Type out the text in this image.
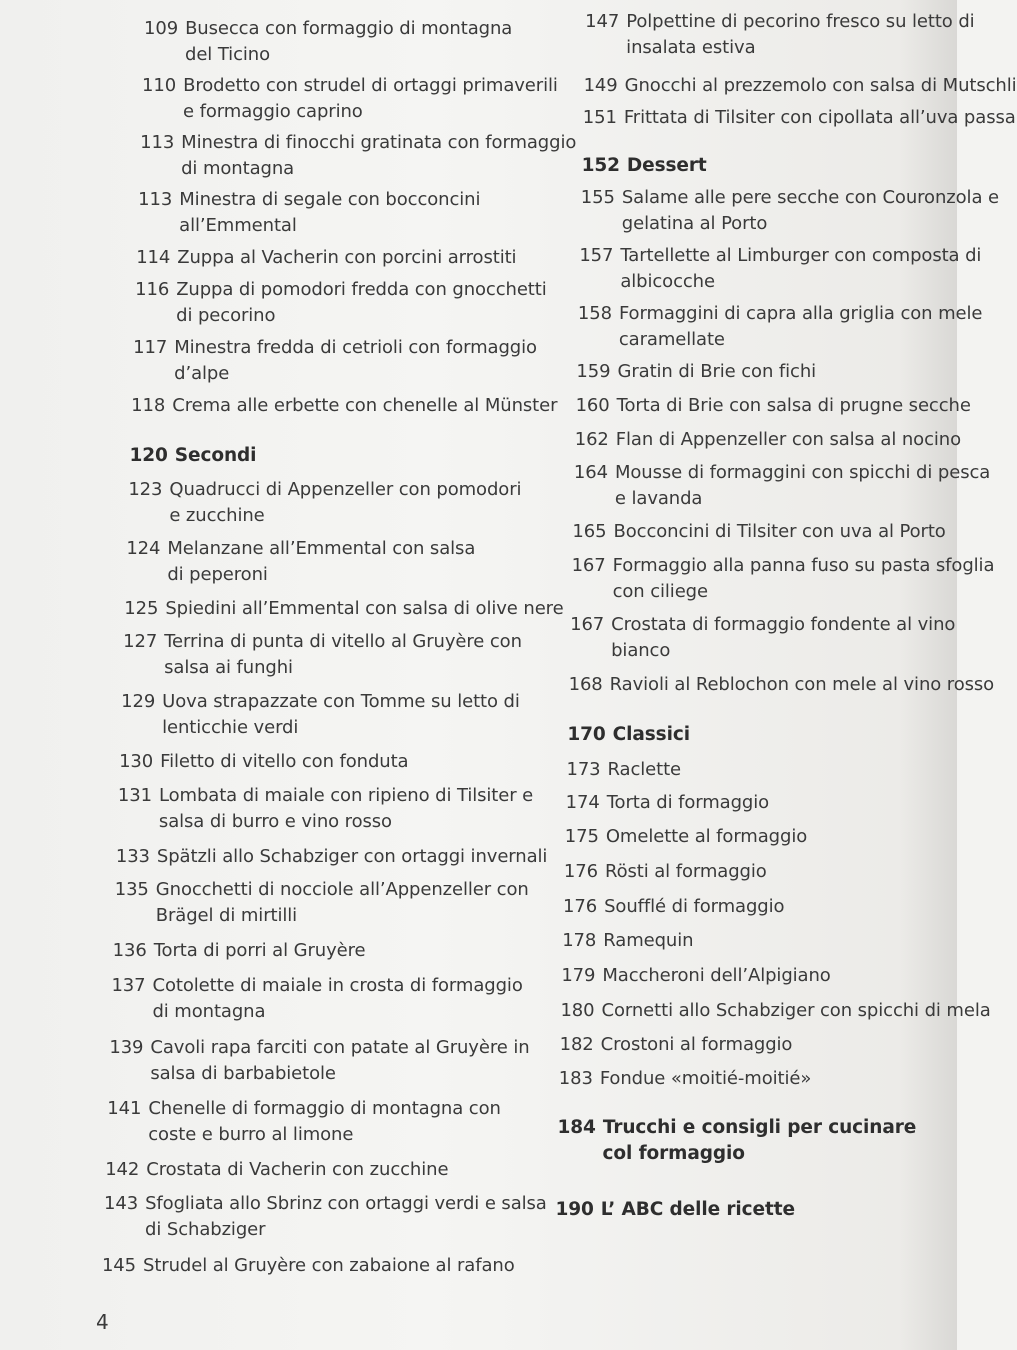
109 Busecca con formaggio di montagna
del Ticino
110 Brodetto con strudel di ortaggi primaverili
e formaggio caprino
113 Minestra di finocchi gratinata con formaggio
di montagna
113 Minestra di segale con bocconcini
all’Emmental
114 Zuppa al Vacherin con porcini arrostiti
116 Zuppa di pomodori fredda con gnocchetti
di pecorino
117 Minestra fredda di cetrioli con formaggio
d’alpe
118 Crema alle erbette con chenelle al Münster
120 Secondi
123 Quadrucci di Appenzeller con pomodori
e zucchine
124 Melanzane all’Emmental con salsa
di peperoni
125 Spiedini all’Emmental con salsa di olive nere
127 Terrina di punta di vitello al Gruyère con
salsa ai funghi
129 Uova strapazzate con Tomme su letto di
lenticchie verdi
130 Filetto di vitello con fonduta
131 Lombata di maiale con ripieno di Tilsiter e
salsa di burro e vino rosso
133 Spätzli allo Schabziger con ortaggi invernali
135 Gnocchetti di nocciole all’Appenzeller con
Brägel di mirtilli
136 Torta di porri al Gruyère
137 Cotolette di maiale in crosta di formaggio
di montagna
139 Cavoli rapa farciti con patate al Gruyère in
salsa di barbabietole
141 Chenelle di formaggio di montagna con
coste e burro al limone
142 Crostata di Vacherin con zucchine
143 Sfogliata allo Sbrinz con ortaggi verdi e salsa
di Schabziger
145 Strudel al Gruyère con zabaione al rafano
147 Polpettine di pecorino fresco su letto di
insalata estiva
149 Gnocchi al prezzemolo con salsa di Mutschli
151 Frittata di Tilsiter con cipollata all’uva passa
152 Dessert
155 Salame alle pere secche con Couronzola e
gelatina al Porto
157 Tartellette al Limburger con composta di
albicocche
158 Formaggini di capra alla griglia con mele
caramellate
159 Gratin di Brie con fichi
160 Torta di Brie con salsa di prugne secche
162 Flan di Appenzeller con salsa al nocino
164 Mousse di formaggini con spicchi di pesca
e lavanda
165 Bocconcini di Tilsiter con uva al Porto
167 Formaggio alla panna fuso su pasta sfoglia
con ciliege
167 Crostata di formaggio fondente al vino
bianco
168 Ravioli al Reblochon con mele al vino rosso
170 Classici
173 Raclette
174 Torta di formaggio
175 Omelette al formaggio
176 Rösti al formaggio
176 Soufflé di formaggio
178 Ramequin
179 Maccheroni dell’Alpigiano
180 Cornetti allo Schabziger con spicchi di mela
182 Crostoni al formaggio
183 Fondue «moitié-moitié»
184 Trucchi e consigli per cucinare
col formaggio
190 L’ ABC delle ricette
4
